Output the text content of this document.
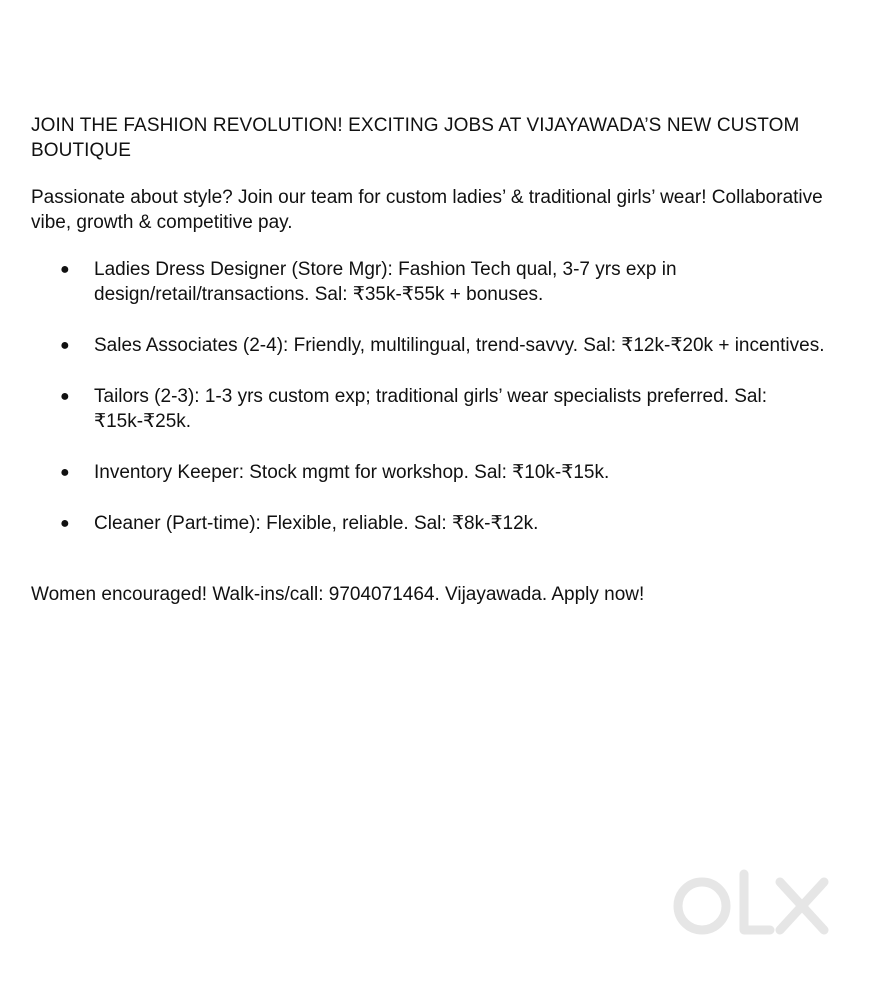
JOIN THE FASHION REVOLUTION! EXCITING JOBS AT VIJAYAWADA’S NEW CUSTOM BOUTIQUE

Passionate about style? Join our team for custom ladies’ & traditional girls’ wear! Collaborative vibe, growth & competitive pay.

● Ladies Dress Designer (Store Mgr): Fashion Tech qual, 3-7 yrs exp in design/retail/transactions. Sal: ₹35k-₹55k + bonuses.
● Sales Associates (2-4): Friendly, multilingual, trend-savvy. Sal: ₹12k-₹20k + incentives.
● Tailors (2-3): 1-3 yrs custom exp; traditional girls’ wear specialists preferred. Sal: ₹15k-₹25k.
● Inventory Keeper: Stock mgmt for workshop. Sal: ₹10k-₹15k.
● Cleaner (Part-time): Flexible, reliable. Sal: ₹8k-₹12k.

Women encouraged! Walk-ins/call: 9704071464. Vijayawada. Apply now!
